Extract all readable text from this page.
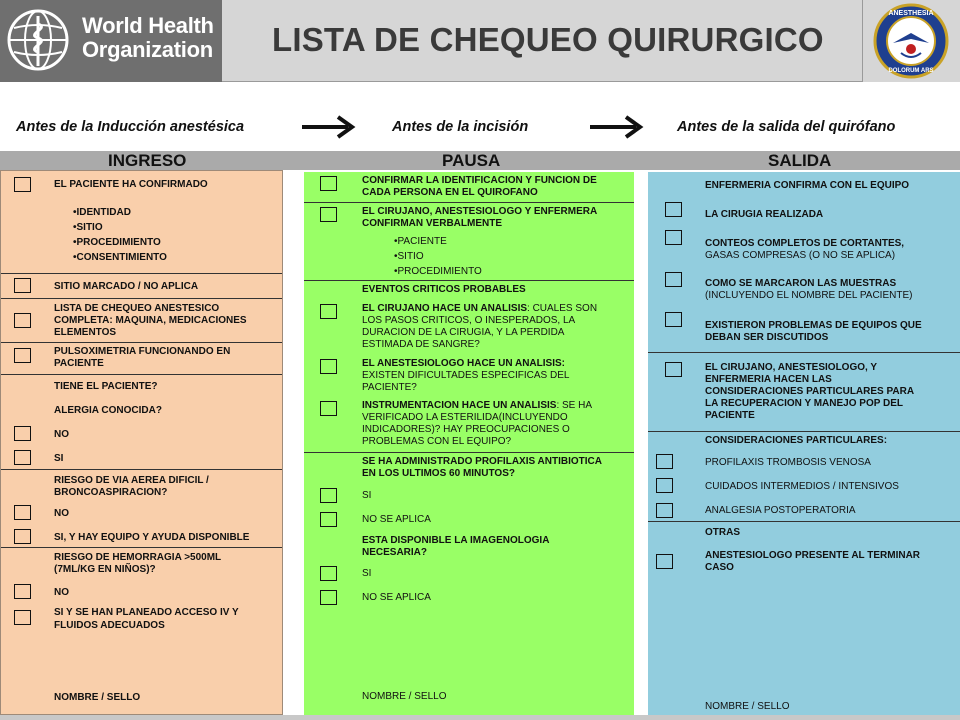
World Health
Organization LISTA DE CHEQUEO QUIRURGICO
ANESTHESIA
DOLORUM ARS
SCARE
Antes de la Inducción anestésica	Antes de la incisión	Antes de la salida del quirófano
INGRESO	PAUSA	SALIDA
EL PACIENTE HA CONFIRMADO
•IDENTIDAD
•SITIO
•PROCEDIMIENTO
•CONSENTIMIENTO
SITIO MARCADO / NO APLICA
LISTA DE CHEQUEO ANESTESICO
COMPLETA: MAQUINA, MEDICACIONES
ELEMENTOS
PULSOXIMETRIA FUNCIONANDO EN
PACIENTE
TIENE EL PACIENTE?
ALERGIA CONOCIDA?
NO
SI
RIESGO DE VIA AEREA DIFICIL /
BRONCOASPIRACION?
NO
SI, Y HAY EQUIPO Y AYUDA DISPONIBLE
RIESGO DE HEMORRAGIA >500ML
(7ML/KG EN NIÑOS)?
NO
SI Y SE HAN PLANEADO ACCESO IV Y
FLUIDOS ADECUADOS
NOMBRE / SELLO
CONFIRMAR LA IDENTIFICACION Y FUNCION DE
CADA PERSONA EN EL QUIROFANO
EL CIRUJANO, ANESTESIOLOGO Y ENFERMERA
CONFIRMAN VERBALMENTE
•PACIENTE
•SITIO
•PROCEDIMIENTO
EVENTOS CRITICOS PROBABLES
EL CIRUJANO HACE UN ANALISIS: CUALES SON
LOS PASOS CRITICOS, O INESPERADOS, LA
DURACION DE LA CIRUGIA, Y LA PERDIDA
ESTIMADA DE SANGRE?
EL ANESTESIOLOGO HACE UN ANALISIS:
EXISTEN DIFICULTADES ESPECIFICAS DEL
PACIENTE?
INSTRUMENTACION HACE UN ANALISIS: SE HA
VERIFICADO LA ESTERILIDA(INCLUYENDO
INDICADORES)? HAY PREOCUPACIONES O
PROBLEMAS CON EL EQUIPO?
SE HA ADMINISTRADO PROFILAXIS ANTIBIOTICA
EN LOS ULTIMOS 60 MINUTOS?
SI
NO SE APLICA
ESTA DISPONIBLE LA IMAGENOLOGIA
NECESARIA?
SI
NO SE APLICA
NOMBRE / SELLO
ENFERMERIA CONFIRMA CON EL EQUIPO
LA CIRUGIA REALIZADA
CONTEOS COMPLETOS DE CORTANTES,
GASAS COMPRESAS (O NO SE APLICA)
COMO SE MARCARON LAS MUESTRAS
(INCLUYENDO EL NOMBRE DEL PACIENTE)
EXISTIERON PROBLEMAS DE EQUIPOS QUE
DEBAN SER DISCUTIDOS
EL CIRUJANO, ANESTESIOLOGO, Y
ENFERMERIA HACEN LAS
CONSIDERACIONES PARTICULARES PARA
LA RECUPERACION Y MANEJO POP DEL
PACIENTE
CONSIDERACIONES PARTICULARES:
PROFILAXIS TROMBOSIS VENOSA
CUIDADOS INTERMEDIOS / INTENSIVOS
ANALGESIA POSTOPERATORIA
OTRAS
ANESTESIOLOGO PRESENTE AL TERMINAR
CASO
NOMBRE / SELLO
